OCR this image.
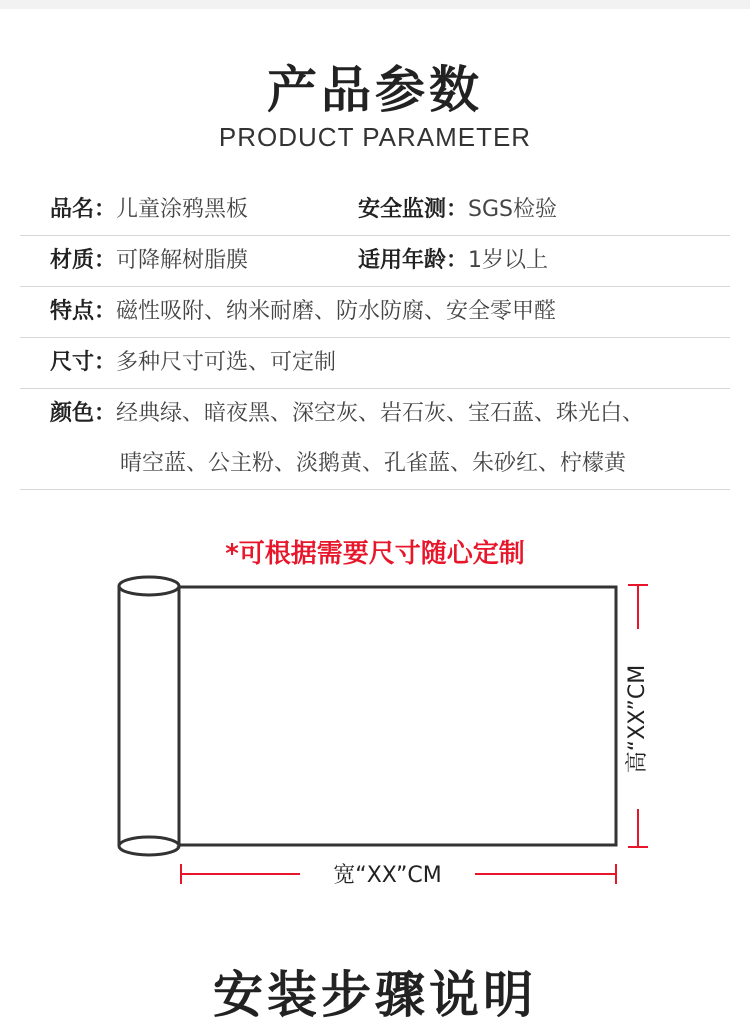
产品参数
PRODUCT PARAMETER
品名：儿童涂鸦黑板	安全监测：SGS检验
材质：可降解树脂膜	适用年龄：1岁以上
特点：磁性吸附、纳米耐磨、防水防腐、安全零甲醛
尺寸：多种尺寸可选、可定制
颜色：经典绿、暗夜黑、深空灰、岩石灰、宝石蓝、珠光白、
晴空蓝、公主粉、淡鹅黄、孔雀蓝、朱砂红、柠檬黄
*可根据需要尺寸随心定制
宽“XX”CM
高“XX”CM
安装步骤说明
